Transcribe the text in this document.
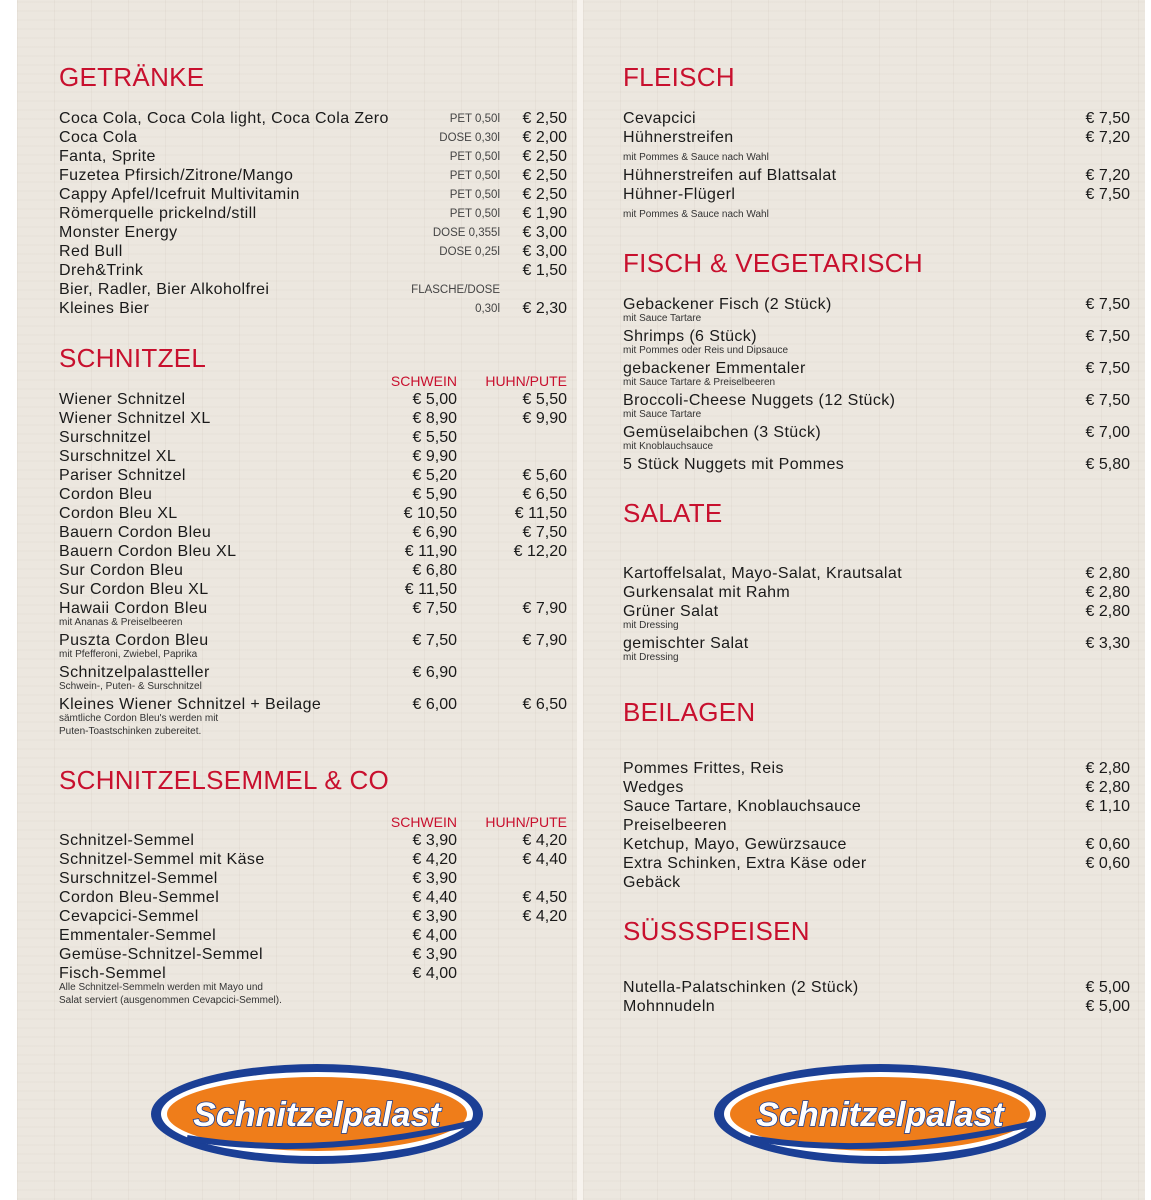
GETRÄNKE
Coca Cola, Coca Cola light, Coca Cola Zero	PET 0,50l € 2,50
Coca Cola	DOSE 0,30l € 2,00
Fanta, Sprite	PET 0,50l € 2,50
Fuzetea Pfirsich/Zitrone/Mango	PET 0,50l € 2,50
Cappy Apfel/Icefruit Multivitamin	PET 0,50l € 2,50
Römerquelle prickelnd/still	PET 0,50l € 1,90
Monster Energy	DOSE 0,355l € 3,00
Red Bull	DOSE 0,25l € 3,00
Dreh&Trink	€ 1,50
Bier, Radler, Bier Alkoholfrei	FLASCHE/DOSE
Kleines Bier	0,30l € 2,30
SCHNITZEL
SCHWEIN HUHN/PUTE
Wiener Schnitzel	€ 5,00	€ 5,50
Wiener Schnitzel XL	€ 8,90	€ 9,90
Surschnitzel	€ 5,50
Surschnitzel XL	€ 9,90
Pariser Schnitzel	€ 5,20	€ 5,60
Cordon Bleu	€ 5,90	€ 6,50
Cordon Bleu XL	€ 10,50	€ 11,50
Bauern Cordon Bleu	€ 6,90	€ 7,50
Bauern Cordon Bleu XL	€ 11,90	€ 12,20
Sur Cordon Bleu	€ 6,80
Sur Cordon Bleu XL	€ 11,50
Hawaii Cordon Bleu	€ 7,50	€ 7,90
mit Ananas & Preiselbeeren
Puszta Cordon Bleu	€ 7,50	€ 7,90
mit Pfefferoni, Zwiebel, Paprika
Schnitzelpalastteller	€ 6,90
Schwein-, Puten- & Surschnitzel
Kleines Wiener Schnitzel + Beilage	€ 6,00	€ 6,50
sämtliche Cordon Bleu's werden mit
Puten-Toastschinken zubereitet.
SCHNITZELSEMMEL & CO
SCHWEIN HUHN/PUTE
Schnitzel-Semmel	€ 3,90	€ 4,20
Schnitzel-Semmel mit Käse	€ 4,20	€ 4,40
Surschnitzel-Semmel	€ 3,90
Cordon Bleu-Semmel	€ 4,40	€ 4,50
Cevapcici-Semmel	€ 3,90	€ 4,20
Emmentaler-Semmel	€ 4,00
Gemüse-Schnitzel-Semmel	€ 3,90
Fisch-Semmel	€ 4,00
Alle Schnitzel-Semmeln werden mit Mayo und
Salat serviert (ausgenommen Cevapcici-Semmel).
FLEISCH
Cevapcici	€ 7,50
Hühnerstreifen	€ 7,20
mit Pommes & Sauce nach Wahl
Hühnerstreifen auf Blattsalat	€ 7,20
Hühner-Flügerl	€ 7,50
mit Pommes & Sauce nach Wahl
FISCH & VEGETARISCH
Gebackener Fisch (2 Stück)	€ 7,50
mit Sauce Tartare
Shrimps (6 Stück)	€ 7,50
mit Pommes oder Reis und Dipsauce
gebackener Emmentaler	€ 7,50
mit Sauce Tartare & Preiselbeeren
Broccoli-Cheese Nuggets (12 Stück)	€ 7,50
mit Sauce Tartare
Gemüselaibchen (3 Stück)	€ 7,00
mit Knoblauchsauce
5 Stück Nuggets mit Pommes	€ 5,80
SALATE
Kartoffelsalat, Mayo-Salat, Krautsalat	€ 2,80
Gurkensalat mit Rahm	€ 2,80
Grüner Salat	€ 2,80
mit Dressing
gemischter Salat	€ 3,30
mit Dressing
BEILAGEN
Pommes Frittes, Reis	€ 2,80
Wedges	€ 2,80
Sauce Tartare, Knoblauchsauce	€ 1,10
Preiselbeeren
Ketchup, Mayo, Gewürzsauce	€ 0,60
Extra Schinken, Extra Käse oder	€ 0,60
Gebäck
SÜSSSPEISEN
Nutella-Palatschinken (2 Stück)	€ 5,00
Mohnnudeln	€ 5,00
Schnitzelpalast	Schnitzelpalast
